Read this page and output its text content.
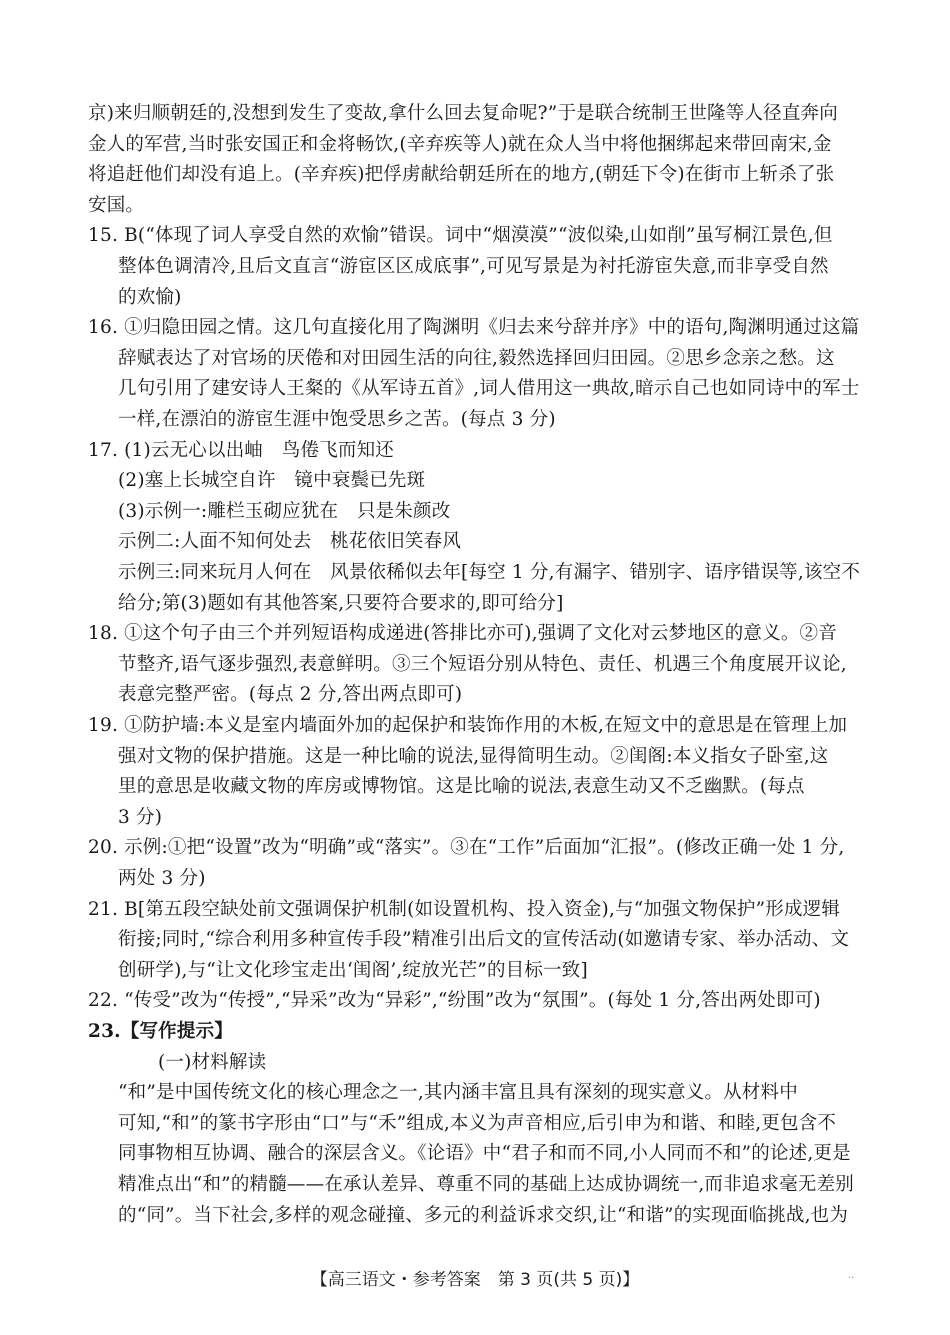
京)来归顺朝廷的,没想到发生了变故,拿什么回去复命呢?”于是联合统制王世隆等人径直奔向
金人的军营,当时张安国正和金将畅饮,(辛弃疾等人)就在众人当中将他捆绑起来带回南宋,金
将追赶他们却没有追上。(辛弃疾)把俘虏献给朝廷所在的地方,(朝廷下令)在街市上斩杀了张
安国。
15. B(“体现了词人享受自然的欢愉”错误。词中“烟漠漠”“波似染,山如削”虽写桐江景色,但
整体色调清冷,且后文直言“游宦区区成底事”,可见写景是为衬托游宦失意,而非享受自然
的欢愉)
16. ①归隐田园之情。这几句直接化用了陶渊明《归去来兮辞并序》中的语句,陶渊明通过这篇
辞赋表达了对官场的厌倦和对田园生活的向往,毅然选择回归田园。②思乡念亲之愁。这
几句引用了建安诗人王粲的《从军诗五首》,词人借用这一典故,暗示自己也如同诗中的军士
一样,在漂泊的游宦生涯中饱受思乡之苦。(每点 3 分)
17. (1)云无心以出岫　鸟倦飞而知还
(2)塞上长城空自许　镜中衰鬓已先斑
(3)示例一:雕栏玉砌应犹在　只是朱颜改
示例二:人面不知何处去　桃花依旧笑春风
示例三:同来玩月人何在　风景依稀似去年[每空 1 分,有漏字、错别字、语序错误等,该空不
给分;第(3)题如有其他答案,只要符合要求的,即可给分]
18. ①这个句子由三个并列短语构成递进(答排比亦可),强调了文化对云梦地区的意义。②音
节整齐,语气逐步强烈,表意鲜明。③三个短语分别从特色、责任、机遇三个角度展开议论,
表意完整严密。(每点 2 分,答出两点即可)
19. ①防护墙:本义是室内墙面外加的起保护和装饰作用的木板,在短文中的意思是在管理上加
强对文物的保护措施。这是一种比喻的说法,显得简明生动。②闺阁:本义指女子卧室,这
里的意思是收藏文物的库房或博物馆。这是比喻的说法,表意生动又不乏幽默。(每点
3 分)
20. 示例:①把“设置”改为“明确”或“落实”。③在“工作”后面加“汇报”。(修改正确一处 1 分,
两处 3 分)
21. B[第五段空缺处前文强调保护机制(如设置机构、投入资金),与“加强文物保护”形成逻辑
衔接;同时,“综合利用多种宣传手段”精准引出后文的宣传活动(如邀请专家、举办活动、文
创研学),与“让文化珍宝走出‘闺阁’,绽放光芒”的目标一致]
22. “传受”改为“传授”,“异采”改为“异彩”,“纷围”改为“氛围”。(每处 1 分,答出两处即可)
23.【写作提示】
(一)材料解读
“和”是中国传统文化的核心理念之一,其内涵丰富且具有深刻的现实意义。从材料中
可知,“和”的篆书字形由“口”与“禾”组成,本义为声音相应,后引申为和谐、和睦,更包含不
同事物相互协调、融合的深层含义。《论语》中“君子和而不同,小人同而不和”的论述,更是
精准点出“和”的精髓——在承认差异、尊重不同的基础上达成协调统一,而非追求毫无差别
的“同”。当下社会,多样的观念碰撞、多元的利益诉求交织,让“和谐”的实现面临挑战,也为
【高三语文・参考答案　第 3 页(共 5 页)】	..
